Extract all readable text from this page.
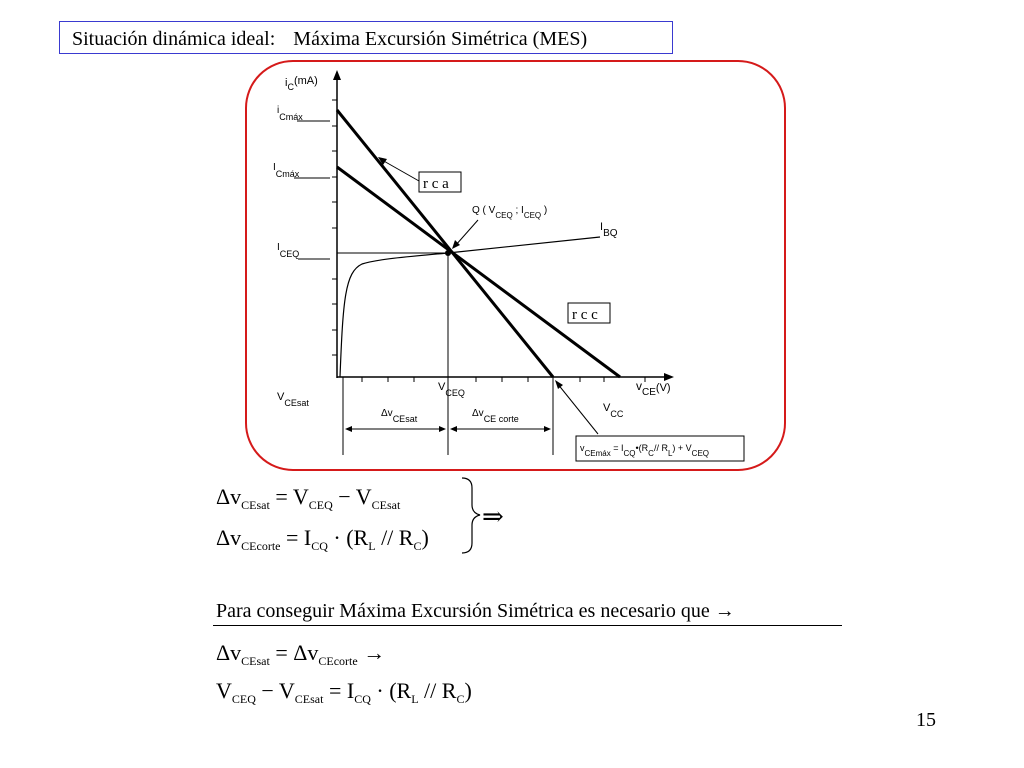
Situación dinámica ideal: Máxima Excursión Simétrica (MES)
r c a
r c c
$i_C(mA)$
$v_{CE}(V)$
iCmáx
ICmáx
ICEQ
Q ( $V_{CEQ}$ ; $I_{CEQ}$ )
IBQ
$V_{CEQ}$
$V_{CEsat}$	$V_{CC}$
ΔvCEsat	ΔvCE corte
vCEmáx = ICQ•(RC// RL) + VCEQ
$\Delta v_{CEsat} = V_{CEQ} - V_{CEsat}$
$\Delta v_{CEcorte} = I_{CQ} \cdot (R_L // R_C)$
⇒
Para conseguir Máxima Excursión Simétrica es necesario que →
$\Delta v_{CEsat} = \Delta v_{CEcorte}$ →
$V_{CEQ} - V_{CEsat} = I_{CQ} \cdot (R_L // R_C)$
15
